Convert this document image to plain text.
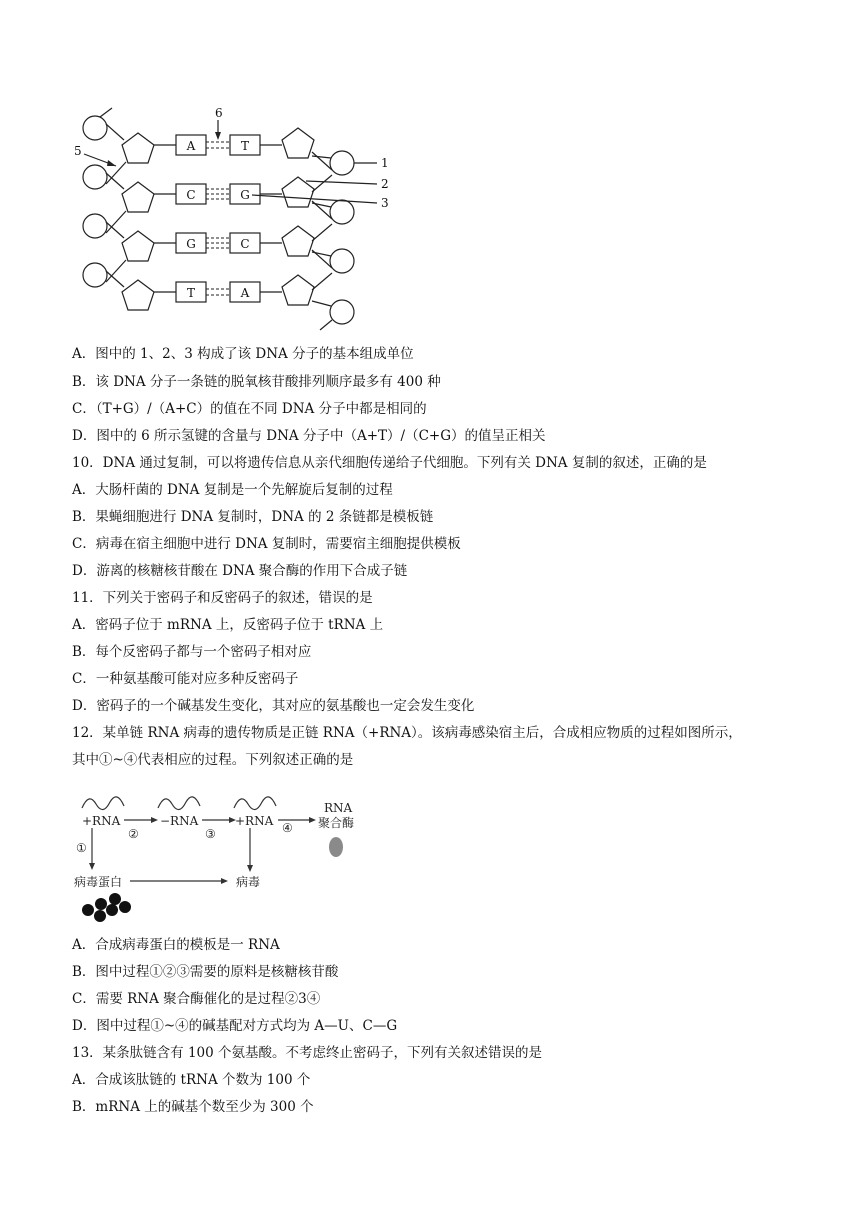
A
C
G
T
T
G
C
A
1
2
3
5
6
A．图中的 1、2、3 构成了该 DNA 分子的基本组成单位
B．该 DNA 分子一条链的脱氧核苷酸排列顺序最多有 400 种
C．（T+G）/（A+C）的值在不同 DNA 分子中都是相同的
D．图中的 6 所示氢键的含量与 DNA 分子中（A+T）/（C+G）的值呈正相关
10．DNA 通过复制，可以将遗传信息从亲代细胞传递给子代细胞。下列有关 DNA 复制的叙述，正确的是
A．大肠杆菌的 DNA 复制是一个先解旋后复制的过程
B．果蝇细胞进行 DNA 复制时，DNA 的 2 条链都是模板链
C．病毒在宿主细胞中进行 DNA 复制时，需要宿主细胞提供模板
D．游离的核糖核苷酸在 DNA 聚合酶的作用下合成子链
11．下列关于密码子和反密码子的叙述，错误的是
A．密码子位于 mRNA 上，反密码子位于 tRNA 上
B．每个反密码子都与一个密码子相对应
C．一种氨基酸可能对应多种反密码子
D．密码子的一个碱基发生变化，其对应的氨基酸也一定会发生变化
12．某单链 RNA 病毒的遗传物质是正链 RNA（+RNA）。该病毒感染宿主后，合成相应物质的过程如图所示，
其中①~④代表相应的过程。下列叙述正确的是
+RNA	−RNA	+RNA
②	③	④
①
RNA
聚合酶
病毒蛋白	病毒
A．合成病毒蛋白的模板是一 RNA
B．图中过程①②③需要的原料是核糖核苷酸
C．需要 RNA 聚合酶催化的是过程②3④
D．图中过程①~④的碱基配对方式均为 A—U、C—G
13．某条肽链含有 100 个氨基酸。不考虑终止密码子，下列有关叙述错误的是
A．合成该肽链的 tRNA 个数为 100 个
B．mRNA 上的碱基个数至少为 300 个
